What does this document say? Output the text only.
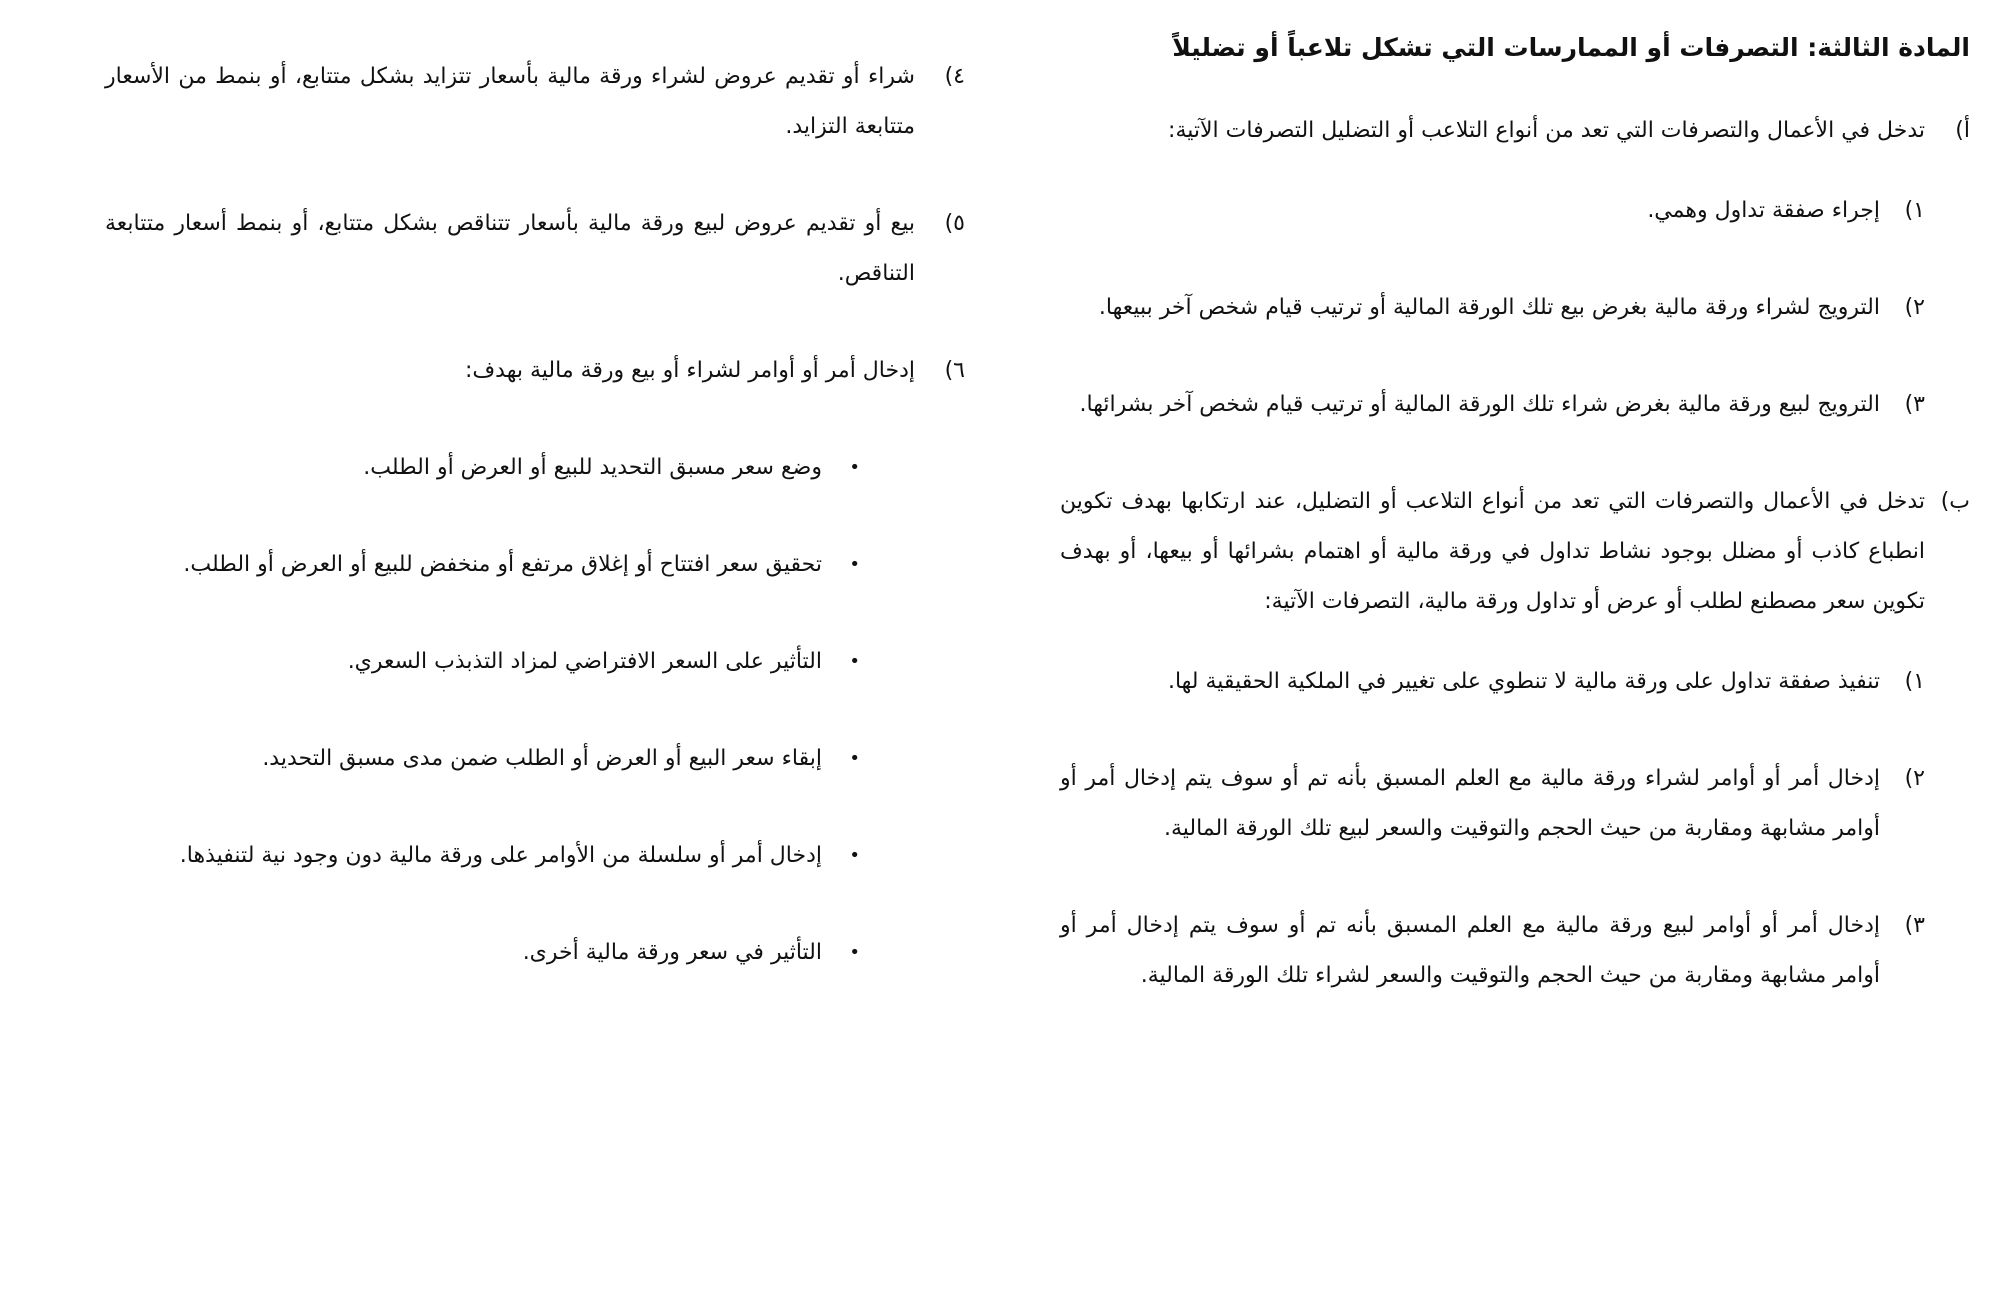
المادة الثالثة: التصرفات أو الممارسات التي تشكل تلاعباً أو تضليلاً
أ)
تدخل في الأعمال والتصرفات التي تعد من أنواع التلاعب أو التضليل التصرفات الآتية:
١)
إجراء صفقة تداول وهمي.
٢)
الترويج لشراء ورقة مالية بغرض بيع تلك الورقة المالية أو ترتيب قيام شخص آخر ببيعها.
٣)
الترويج لبيع ورقة مالية بغرض شراء تلك الورقة المالية أو ترتيب قيام شخص آخر بشرائها.
ب)
تدخل في الأعمال والتصرفات التي تعد من أنواع التلاعب أو التضليل، عند ارتكابها بهدف تكوين انطباع كاذب أو مضلل بوجود نشاط تداول في ورقة مالية أو اهتمام بشرائها أو بيعها، أو بهدف تكوين سعر مصطنع لطلب أو عرض أو تداول ورقة مالية، التصرفات الآتية:
١)
تنفيذ صفقة تداول على ورقة مالية لا تنطوي على تغيير في الملكية الحقيقية لها.
٢)
إدخال أمر أو أوامر لشراء ورقة مالية مع العلم المسبق بأنه تم أو سوف يتم إدخال أمر أو أوامر مشابهة ومقاربة من حيث الحجم والتوقيت والسعر لبيع تلك الورقة المالية.
٣)
إدخال أمر أو أوامر لبيع ورقة مالية مع العلم المسبق بأنه تم أو سوف يتم إدخال أمر أو أوامر مشابهة ومقاربة من حيث الحجم والتوقيت والسعر لشراء تلك الورقة المالية.
٤)
شراء أو تقديم عروض لشراء ورقة مالية بأسعار تتزايد بشكل متتابع، أو بنمط من الأسعار متتابعة التزايد.
٥)
بيع أو تقديم عروض لبيع ورقة مالية بأسعار تتناقص بشكل متتابع، أو بنمط أسعار متتابعة التناقص.
٦)
إدخال أمر أو أوامر لشراء أو بيع ورقة مالية بهدف:
•
وضع سعر مسبق التحديد للبيع أو العرض أو الطلب.
•
تحقيق سعر افتتاح أو إغلاق مرتفع أو منخفض للبيع أو العرض أو الطلب.
•
التأثير على السعر الافتراضي لمزاد التذبذب السعري.
•
إبقاء سعر البيع أو العرض أو الطلب ضمن مدى مسبق التحديد.
•
إدخال أمر أو سلسلة من الأوامر على ورقة مالية دون وجود نية لتنفيذها.
•
التأثير في سعر ورقة مالية أخرى.
